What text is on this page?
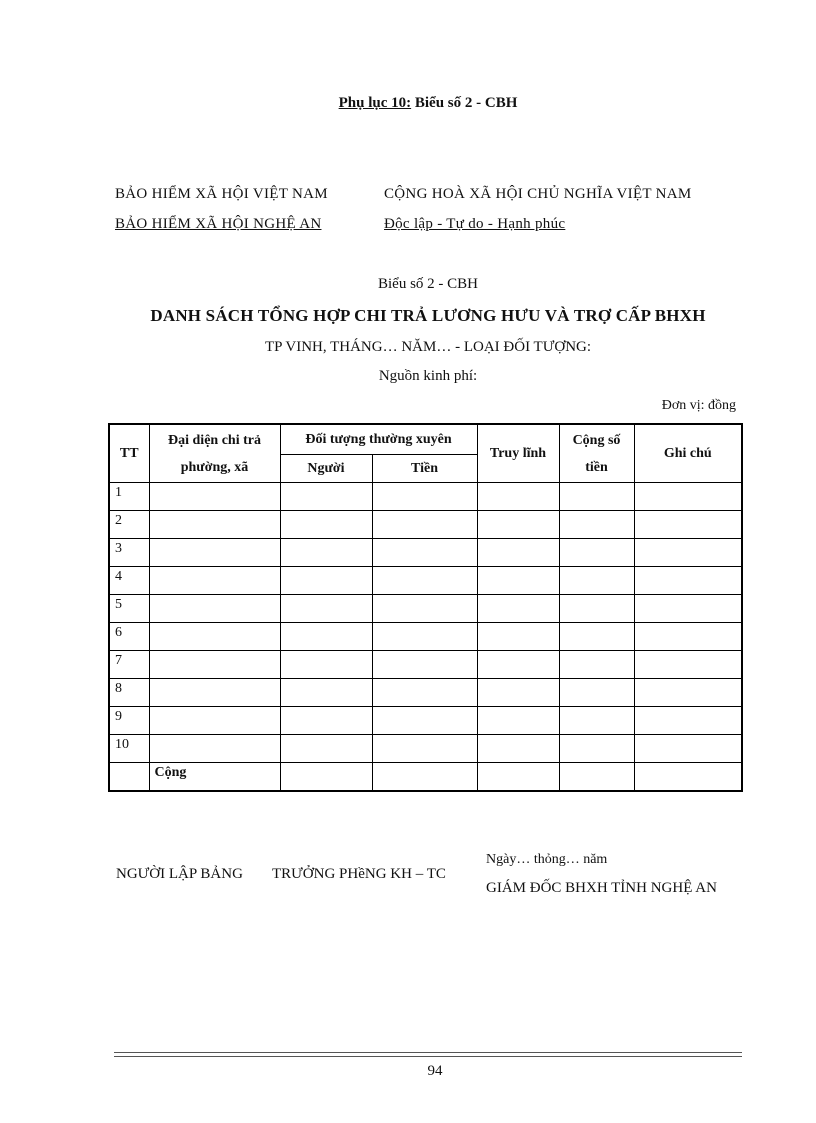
Phụ lục 10: Biểu số 2 - CBH
BẢO HIỂM XÃ HỘI VIỆT NAM
BẢO HIỂM XÃ HỘI NGHỆ AN
CỘNG HOÀ XÃ HỘI CHỦ NGHĨA VIỆT NAM
Độc lập - Tự do - Hạnh phúc
Biểu số 2 - CBH
DANH SÁCH TỔNG HỢP CHI TRẢ LƯƠNG HƯU VÀ TRỢ CẤP BHXH
TP VINH, THÁNG… NĂM… - LOẠI ĐỐI TƯỢNG:
Nguồn kinh phí:
Đơn vị: đồng
TT	Đại diện chi trả phường, xã	Đối tượng thường xuyên		Truy lĩnh	Cộng số tiền	Ghi chú
		Người	Tiền			
1						
2						
3						
4						
5						
6						
7						
8						
9						
10						
	Cộng					
NGƯỜI LẬP BẢNG TRƯỞNG PHềNG KH – TC
Ngày… thỏng… năm
GIÁM ĐỐC BHXH TỈNH NGHỆ AN
94
